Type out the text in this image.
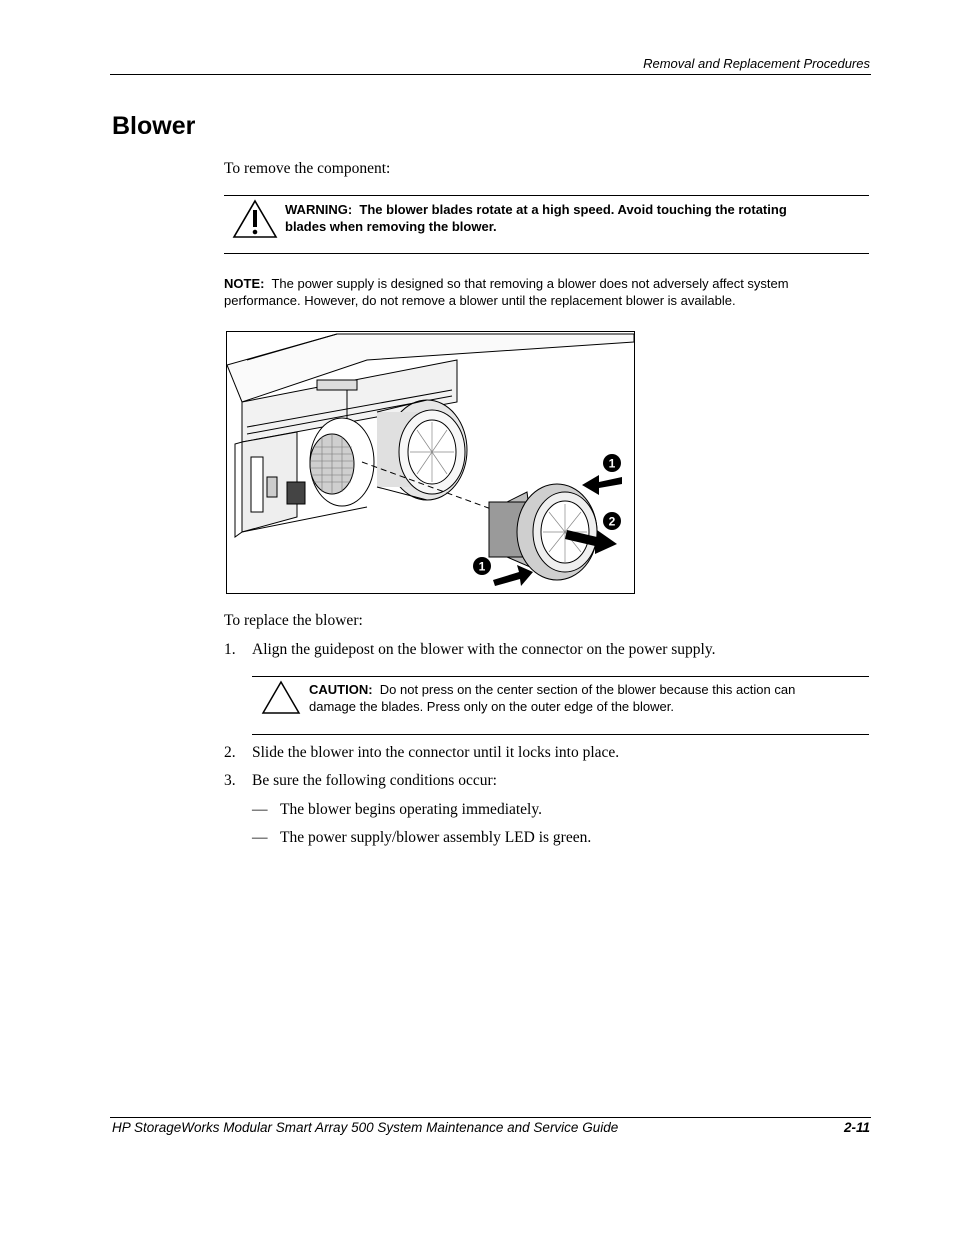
Removal and Replacement Procedures
Blower
To remove the component:
WARNING: The blower blades rotate at a high speed. Avoid touching the rotating
blades when removing the blower.
NOTE: The power supply is designed so that removing a blower does not adversely affect system
performance. However, do not remove a blower until the replacement blower is available.
1
2
1
To replace the blower:
1. Align the guidepost on the blower with the connector on the power supply.
CAUTION: Do not press on the center section of the blower because this action can
damage the blades. Press only on the outer edge of the blower.
2. Slide the blower into the connector until it locks into place.
3. Be sure the following conditions occur:
— The blower begins operating immediately.
— The power supply/blower assembly LED is green.
HP StorageWorks Modular Smart Array 500 System Maintenance and Service Guide	2-11
